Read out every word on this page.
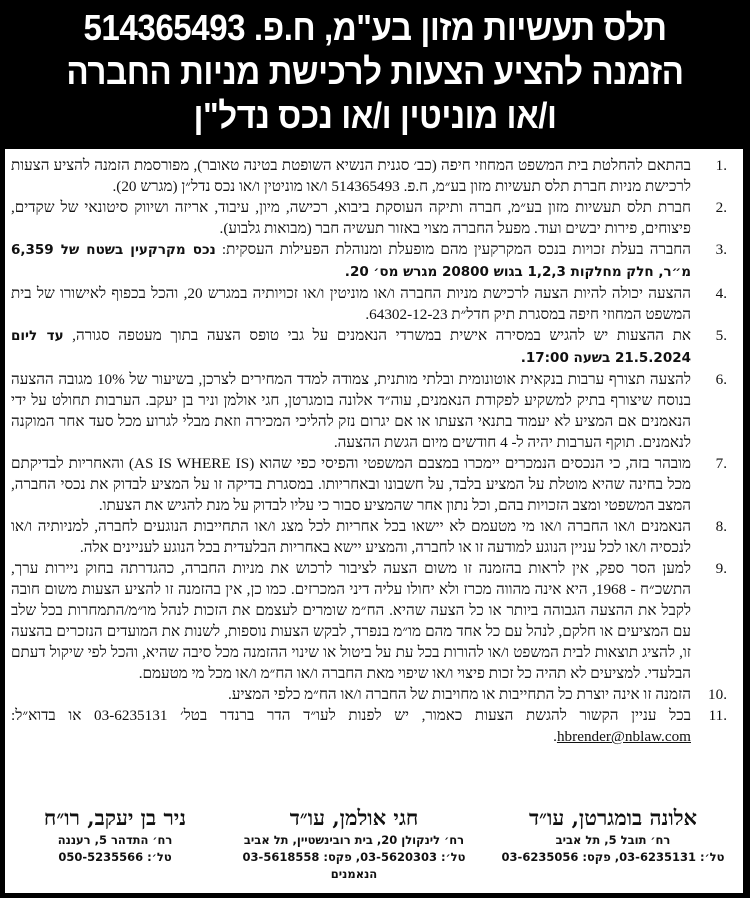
תלס תעשיות מזון בע"מ, ח.פ. 514365493
הזמנה להציע הצעות לרכישת מניות החברה
ו/או מוניטין ו/או נכס נדל"ן
1.
בהתאם להחלטת בית המשפט המחוזי חיפה (כב׳ סגנית הנשיא השופטת בטינה טאובר), מפורסמת הזמנה להציע הצעות לרכישת מניות חברת תלס תעשיות מזון בע״מ, ח.פ. 514365493 ו/או מוניטין ו/או נכס נדל״ן (מגרש 20).
2.
חברת תלס תעשיות מזון בע״מ, חברה ותיקה העוסקת ביבוא, רכישה, מיון, עיבוד, אריזה ושיווק סיטונאי של שקדים, פיצוחים, פירות יבשים ועוד. מפעל החברה מצוי באזור תעשיה חבר (מבואות גלבוע).
3.
החברה בעלת זכויות בנכס המקרקעין מהם מופעלת ומנוהלת הפעילות העסקית: נכס מקרקעין בשטח של 6,359 מ״ר, חלק מחלקות 1,2,3 בגוש 20800 מגרש מס׳ 20.
4.
ההצעה יכולה להיות הצעה לרכישת מניות החברה ו/או מוניטין ו/או זכויותיה במגרש 20, והכל בכפוף לאישורו של בית המשפט המחוזי חיפה במסגרת תיק חדל״ת 64302-12-23.
5.
את ההצעות יש להגיש במסירה אישית במשרדי הנאמנים על גבי טופס הצעה בתוך מעטפה סגורה, עד ליום 21.5.2024 בשעה 17:00.
6.
להצעה תצורף ערבות בנקאית אוטונומית ובלתי מותנית, צמודה למדד המחירים לצרכן, בשיעור של 10% מגובה ההצעה בנוסח שיצורף בתיק למשקיע לפקודת הנאמנים, עוה״ד אלונה בומגרטן, חגי אולמן וניר בן יעקב. הערבות תחולט על ידי הנאמנים אם המציע לא יעמוד בתנאי הצעתו או אם יגרום נזק להליכי המכירה וזאת מבלי לגרוע מכל סעד אחר המוקנה לנאמנים. תוקף הערבות יהיה ל- 4 חודשים מיום הגשת ההצעה.
7.
מובהר בזה, כי הנכסים הנמכרים יימכרו במצבם המשפטי והפיסי כפי שהוא (AS IS WHERE IS) והאחריות לבדיקתם מכל בחינה שהיא מוטלת על המציע בלבד, על חשבונו ובאחריותו. במסגרת בדיקה זו על המציע לבדוק את נכסי החברה, המצב המשפטי ומצב הזכויות בהם, וכל נתון אחר שהמציע סבור כי עליו לבדוק על מנת להגיש את הצעתו.
8.
הנאמנים ו/או החברה ו/או מי מטעמם לא יישאו בכל אחריות לכל מצג ו/או התחייבות הנוגעים לחברה, למניותיה ו/או לנכסיה ו/או לכל עניין הנוגע למודעה זו או לחברה, והמציע יישא באחריות הבלעדית בכל הנוגע לעניינים אלה.
9.
למען הסר ספק, אין לראות בהזמנה זו משום הצעה לציבור לרכוש את מניות החברה, כהגדרתה בחוק ניירות ערך, התשכ״ח - 1968, היא אינה מהווה מכרז ולא יחולו עליה דיני המכרזים. כמו כן, אין בהזמנה זו להציע הצעות משום חובה לקבל את ההצעה הגבוהה ביותר או כל הצעה שהיא. הח״מ שומרים לעצמם את הזכות לנהל מו״מ/התמחרות בכל שלב עם המציעים או חלקם, לנהל עם כל אחד מהם מו״מ בנפרד, לבקש הצעות נוספות, לשנות את המועדים הנזכרים בהצעה זו, להציג תוצאות לבית המשפט ו/או להורות בכל עת על ביטול או שינוי ההזמנה מכל סיבה שהיא, והכל לפי שיקול דעתם הבלעדי. למציעים לא תהיה כל זכות פיצוי ו/או שיפוי מאת החברה ו/או הח״מ ו/או מכל מי מטעמם.
10.
הזמנה זו אינה יוצרת כל התחייבות או מחויבות של החברה ו/או הח״מ כלפי המציע.
11.
בכל עניין הקשור להגשת הצעות כאמור, יש לפנות לעו״ד הדר ברנדר בטל׳ 03-6235131 או בדוא״ל: hbrender@nblaw.com.
אלונה בומגרטן, עו״ד
רח׳ תובל 5, תל אביב
טל׳: 03-6235131, פקס: 03-6235056
חגי אולמן, עו״ד
רח׳ לינקולן 20, בית רובינשטיין, תל אביב
טל׳: 03-5620303, פקס: 03-5618558
הנאמנים
ניר בן יעקב, רו״ח
רח׳ התדהר 5, רעננה
טל׳: 050-5235566
